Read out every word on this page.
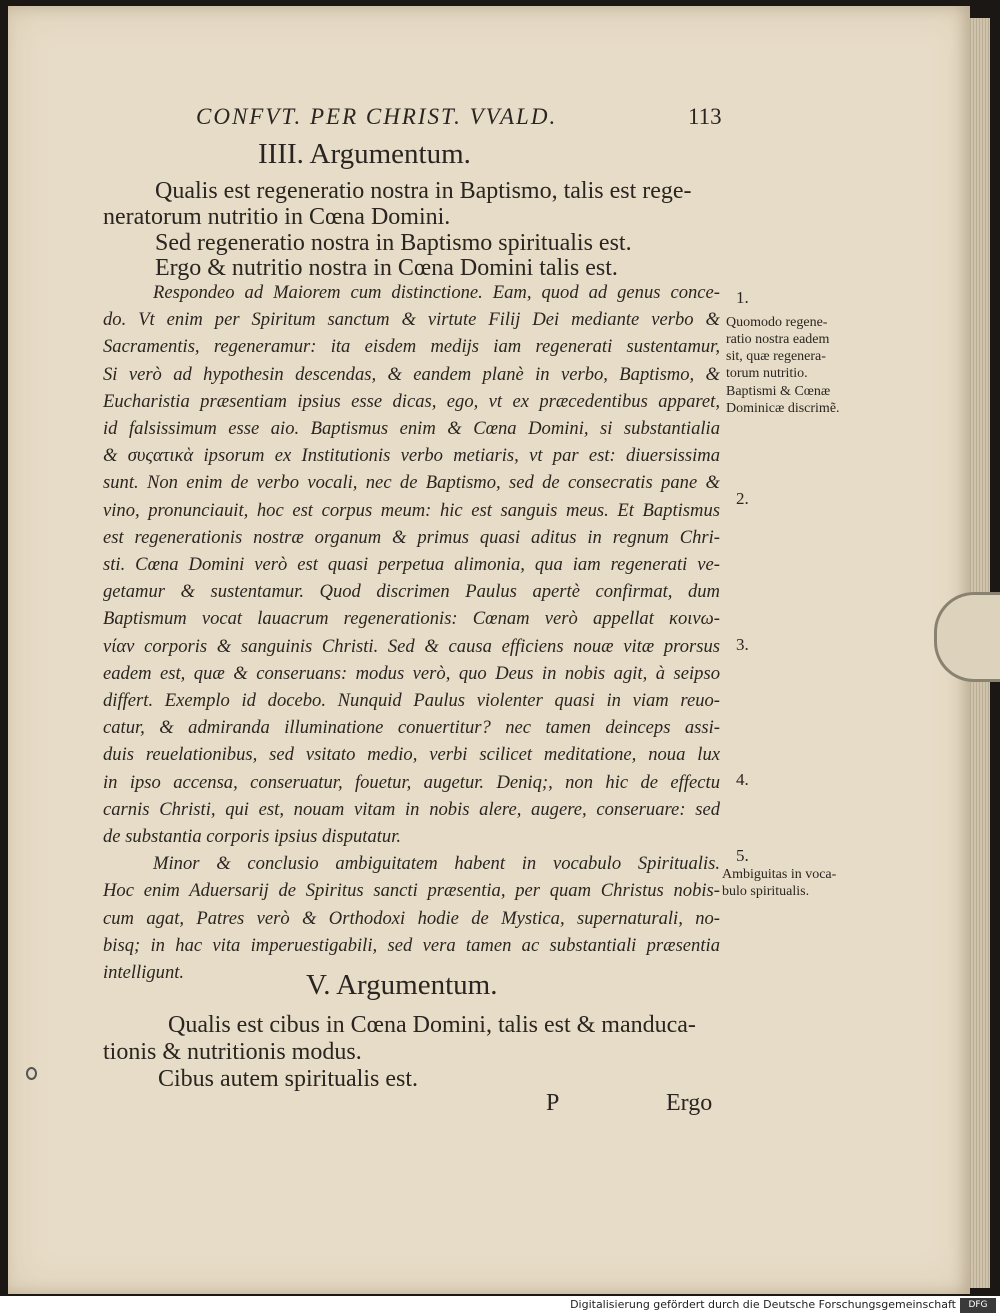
CONFVT. PER CHRIST. VVALD.	113
IIII. Argumentum.
Qualis est regeneratio nostra in Baptismo, talis est rege-
neratorum nutritio in Cœna Domini.
Sed regeneratio nostra in Baptismo spiritualis est.
Ergo & nutritio nostra in Cœna Domini talis est.

Respondeo ad Maiorem cum distinctione. Eam, quod ad genus conce-

do. Vt enim per Spiritum sanctum & virtute Filij Dei mediante verbo &

Sacramentis, regeneramur: ita eisdem medijs iam regenerati sustentamur,

Si verò ad hypothesin descendas, & eandem planè in verbo, Baptismo, &

Eucharistia præsentiam ipsius esse dicas, ego, vt ex præcedentibus apparet,

id falsissimum esse aio. Baptismus enim & Cœna Domini, si substantialia

& συςατικὰ ipsorum ex Institutionis verbo metiaris, vt par est: diuersissima

sunt. Non enim de verbo vocali, nec de Baptismo, sed de consecratis pane &

vino, pronunciauit, hoc est corpus meum: hic est sanguis meus. Et Baptismus

est regenerationis nostræ organum & primus quasi aditus in regnum Chri-

sti. Cœna Domini verò est quasi perpetua alimonia, qua iam regenerati ve-

getamur & sustentamur. Quod discrimen Paulus apertè confirmat, dum

Baptismum vocat lauacrum regenerationis: Cœnam verò appellat κοινω-

νίαν corporis & sanguinis Christi. Sed & causa efficiens nouæ vitæ prorsus

eadem est, quæ & conseruans: modus verò, quo Deus in nobis agit, à seipso

differt. Exemplo id docebo. Nunquid Paulus violenter quasi in viam reuo-

catur, & admiranda illuminatione conuertitur? nec tamen deinceps assi-

duis reuelationibus, sed vsitato medio, verbi scilicet meditatione, noua lux

in ipso accensa, conseruatur, fouetur, augetur. Deniq;, non hic de effectu

carnis Christi, qui est, nouam vitam in nobis alere, augere, conseruare: sed

de substantia corporis ipsius disputatur.

Minor & conclusio ambiguitatem habent in vocabulo Spiritualis.

Hoc enim Aduersarij de Spiritus sancti præsentia, per quam Christus nobis-

cum agat, Patres verò & Orthodoxi hodie de Mystica, supernaturali, no-

bisq; in hac vita imperuestigabili, sed vera tamen ac substantiali præsentia

intelligunt.	V. Argumentum.
Qualis est cibus in Cœna Domini, talis est & manduca-
tionis & nutritionis modus.
Cibus autem spiritualis est.
P	Ergo
1.
Quomodo regene-
ratio nostra eadem
sit, quæ regenera-
torum nutritio.
Baptismi & Cœnæ
Dominicæ discrimẽ.
2.
3.
4.
5.
Ambiguitas in voca-
bulo spiritualis.
Digitalisierung gefördert durch die Deutsche Forschungsgemeinschaft	DFG
